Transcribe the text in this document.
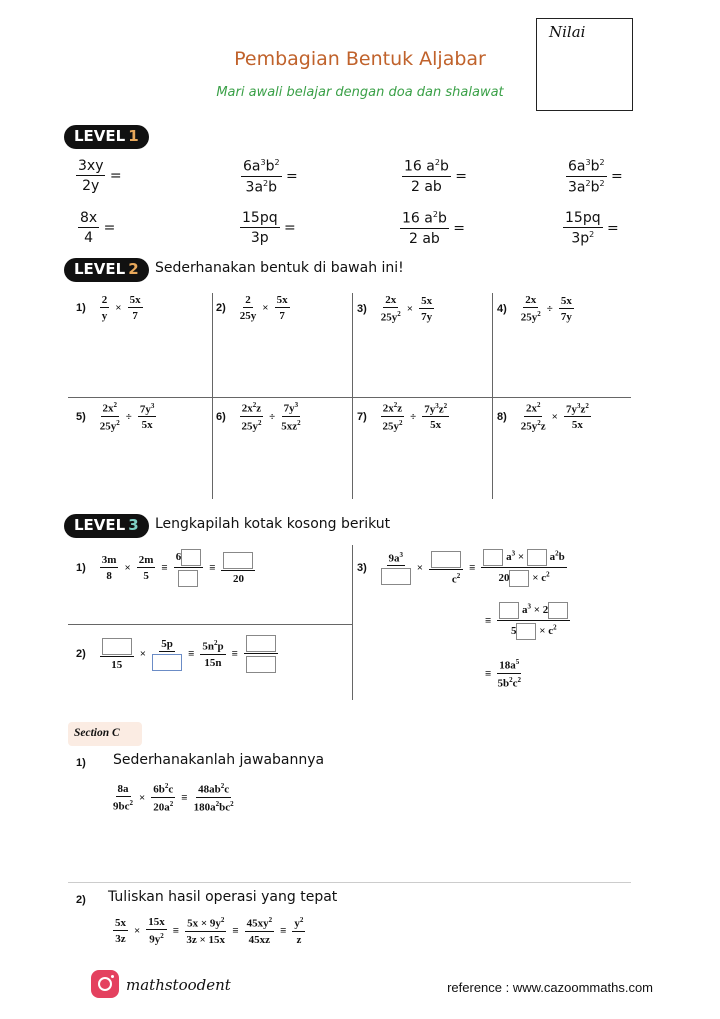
Nilai
Pembagian Bentuk Aljabar
Mari awali belajar dengan doa dan shalawat
LEVEL 1
$\frac{3xy}{2y}$ =	$\frac{6a^3b^2}{3a^2b}$ =	$\frac{16 a^2b}{2 ab}$ =	$\frac{6a^3b^2}{3a^2b^2}$ =
$\frac{8x}{4}$ =	$\frac{15pq}{3p}$ =	$\frac{16 a^2b}{2 ab}$ =	$\frac{15pq}{3p^2}$ =
LEVEL 2	Sederhanakan bentuk di bawah ini!
$1) \frac{2}{y} \times \frac{5x}{7}$	$2) \frac{2}{25y} \times \frac{5x}{7}$	$3) \frac{2x}{25y^2} \times \frac{5x}{7y}$	$4) \frac{2x}{25y^2} \div \frac{5x}{7y}$
$5) \frac{2x^2}{25y^2} \div \frac{7y^3}{5x}$	$6) \frac{2x^2z}{25y^2} \div \frac{7y^3}{5xz^2}$	$7) \frac{2x^2z}{25y^2} \div \frac{7y^3z^2}{5x}$	$8) \frac{2x^2}{25y^2z} \times \frac{7y^3z^2}{5x}$
LEVEL 3	Lengkapilah kotak kosong berikut
$1) \frac{3m}{8} \times \frac{2m}{5}$ ≡
6
≡
20
2)
15
×
5p
≡
$5n^2p$
15n
≡
3)
$9a^3$
×
$c^2$
≡
$a^3 \times a^2b$
$20 \times c^2$
≡
$a^3 \times 2$
$5 \times c^2$
≡
$18a^5$
$5b^2c^2$
Section C
1) Sederhanakanlah jawabannya
$\frac{8a}{9bc^2} \times \frac{6b^2c}{20a^2}$ ≡
$48ab^2c$
$180a^2bc^2$
2) Tuliskan hasil operasi yang tepat
$\frac{5x}{3z} \times \frac{15x}{9y^2}$ ≡
$5x \times 9y^2$
3z × 15x
≡
$45xy^2$
45xz
≡
$y^2$
z
mathstoodent	reference : www.cazoommaths.com
